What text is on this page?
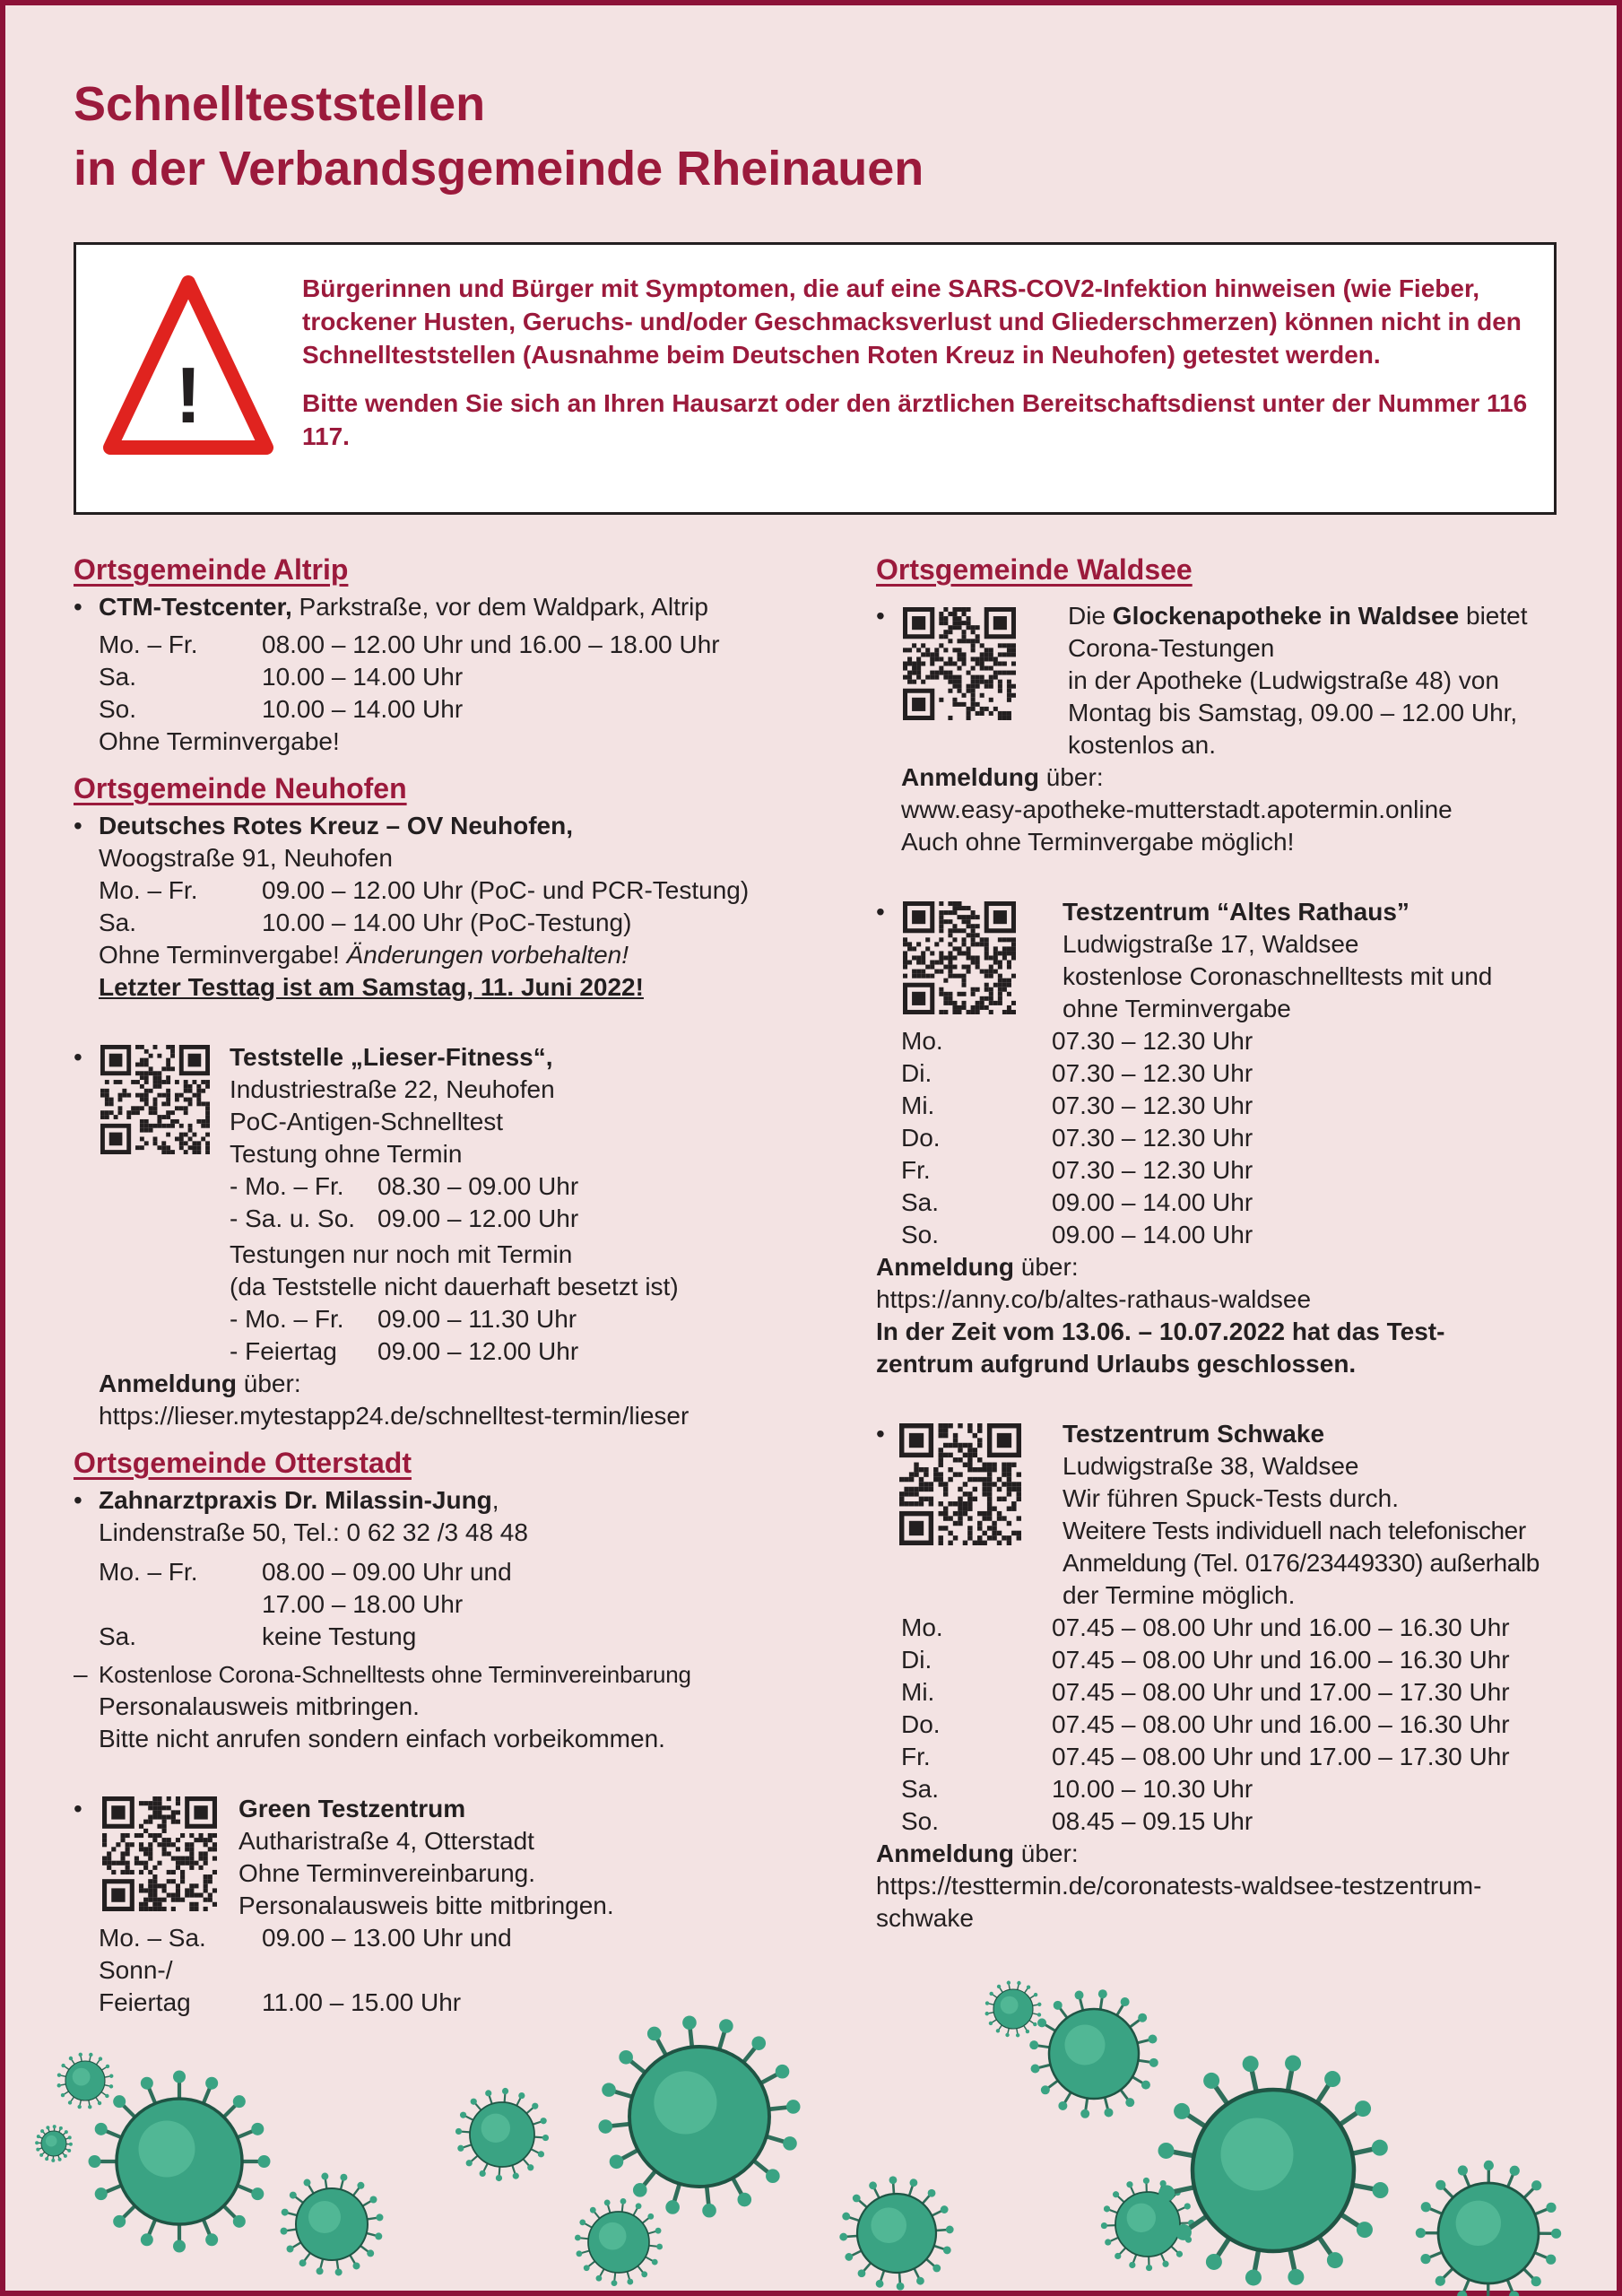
Schnellteststellen
in der Verbandsgemeinde Rheinauen
!

Bürgerinnen und Bürger mit Symptomen, die auf eine SARS-COV2-Infektion hinweisen (wie Fieber, trockener Husten, Geruchs- und/oder Geschmacksverlust und Gliederschmerzen) können nicht in den Schnellteststellen (Ausnahme beim Deutschen Roten Kreuz in Neuhofen) getestet werden.

Bitte wenden Sie sich an Ihren Hausarzt oder den ärztlichen Bereitschaftsdienst unter der Nummer 116 117.

Ortsgemeinde Altrip
• CTM-Testcenter, Parkstraße, vor dem Waldpark, Altrip
Mo. – Fr.	08.00 – 12.00 Uhr und 16.00 – 18.00 Uhr
Sa.	10.00 – 14.00 Uhr
So.	10.00 – 14.00 Uhr
Ohne Terminvergabe!
Ortsgemeinde Neuhofen
• Deutsches Rotes Kreuz – OV Neuhofen,
Woogstraße 91, Neuhofen
Mo. – Fr.	09.00 – 12.00 Uhr (PoC- und PCR-Testung)
Sa.	10.00 – 14.00 Uhr (PoC-Testung)
Ohne Terminvergabe! Änderungen vorbehalten!
Letzter Testtag ist am Samstag, 11. Juni 2022!
•	Teststelle „Lieser-Fitness“,
Industriestraße 22, Neuhofen
PoC-Antigen-Schnelltest
Testung ohne Termin
- Mo. – Fr.	08.30 – 09.00 Uhr
- Sa. u. So. 09.00 – 12.00 Uhr
Testungen nur noch mit Termin
(da Teststelle nicht dauerhaft besetzt ist)
- Mo. – Fr.	09.00 – 11.30 Uhr
- Feiertag	09.00 – 12.00 Uhr
Anmeldung über:
https://lieser.mytestapp24.de/schnelltest-termin/lieser
Ortsgemeinde Otterstadt
• Zahnarztpraxis Dr. Milassin-Jung,
Lindenstraße 50, Tel.: 0 62 32 /3 48 48
Mo. – Fr.	08.00 – 09.00 Uhr und
17.00 – 18.00 Uhr
Sa.	keine Testung
– Kostenlose Corona-Schnelltests ohne Terminvereinbarung
Personalausweis mitbringen.
Bitte nicht anrufen sondern einfach vorbeikommen.
•	Green Testzentrum
Autharistraße 4, Otterstadt
Ohne Terminvereinbarung.
Personalausweis bitte mitbringen.
Mo. – Sa.	09.00 – 13.00 Uhr und
Sonn-/
Feiertag	11.00 – 15.00 Uhr
Ortsgemeinde Waldsee
•	Die Glockenapotheke in Waldsee bietet
Corona-Testungen
in der Apotheke (Ludwigstraße 48) von
Montag bis Samstag, 09.00 – 12.00 Uhr,
kostenlos an.
Anmeldung über:
www.easy-apotheke-mutterstadt.apotermin.online
Auch ohne Terminvergabe möglich!
•	Testzentrum “Altes Rathaus”
Ludwigstraße 17, Waldsee
kostenlose Coronaschnelltests mit und
ohne Terminvergabe
Mo.	07.30 – 12.30 Uhr
Di.	07.30 – 12.30 Uhr
Mi.	07.30 – 12.30 Uhr
Do.	07.30 – 12.30 Uhr
Fr.	07.30 – 12.30 Uhr
Sa.	09.00 – 14.00 Uhr
So.	09.00 – 14.00 Uhr
Anmeldung über:
https://anny.co/b/altes-rathaus-waldsee
In der Zeit vom 13.06. – 10.07.2022 hat das Test-
zentrum aufgrund Urlaubs geschlossen.
•	Testzentrum Schwake
Ludwigstraße 38, Waldsee
Wir führen Spuck-Tests durch.
Weitere Tests individuell nach telefonischer
Anmeldung (Tel. 0176/23449330) außerhalb
der Termine möglich.
Mo.	07.45 – 08.00 Uhr und 16.00 – 16.30 Uhr
Di.	07.45 – 08.00 Uhr und 16.00 – 16.30 Uhr
Mi.	07.45 – 08.00 Uhr und 17.00 – 17.30 Uhr
Do.	07.45 – 08.00 Uhr und 16.00 – 16.30 Uhr
Fr.	07.45 – 08.00 Uhr und 17.00 – 17.30 Uhr
Sa.	10.00 – 10.30 Uhr
So.	08.45 – 09.15 Uhr
Anmeldung über:
https://testtermin.de/coronatests-waldsee-testzentrum-
schwake
